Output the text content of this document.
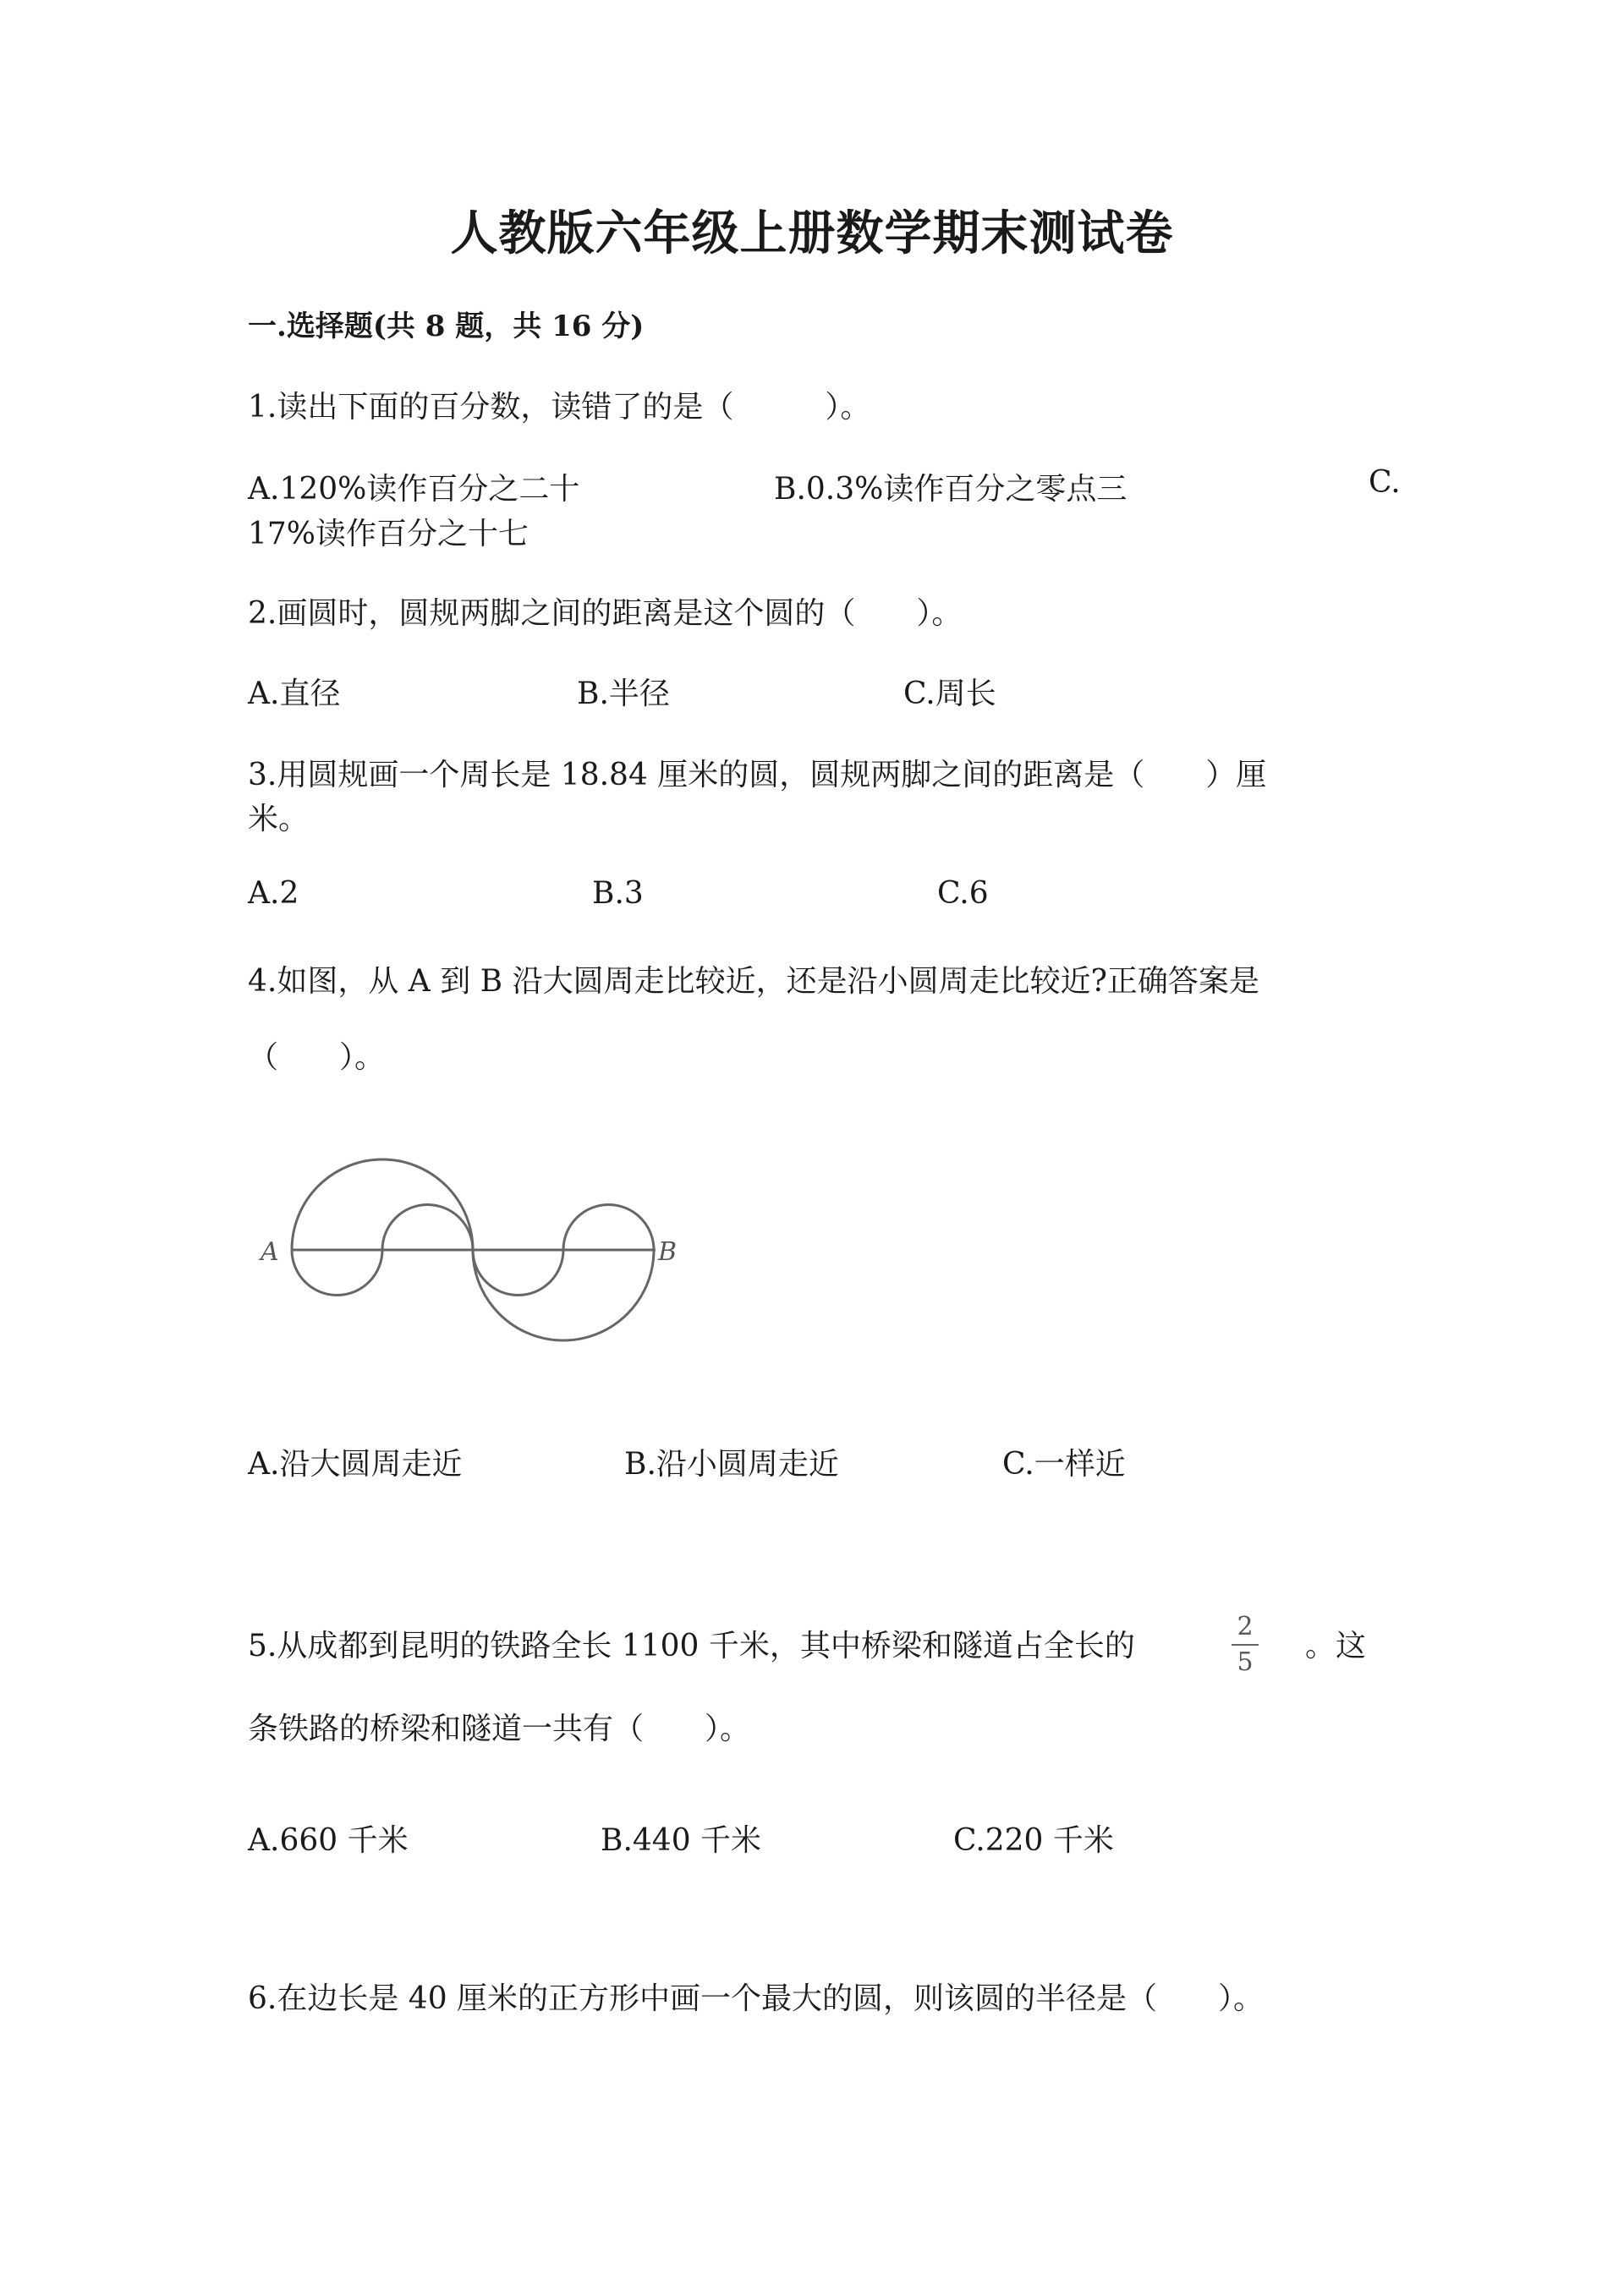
人教版六年级上册数学期末测试卷
一.选择题(共 8 题，共 16 分)
1.读出下面的百分数，读错了的是（　　　）。
A.120%读作百分之二十	B.0.3%读作百分之零点三	C.
17%读作百分之十七
2.画圆时，圆规两脚之间的距离是这个圆的（　　）。
A.直径	B.半径	C.周长
3.用圆规画一个周长是 18.84 厘米的圆，圆规两脚之间的距离是（　　）厘
米。
A.2	B.3	C.6
4.如图，从 A 到 B 沿大圆周走比较近，还是沿小圆周走比较近?正确答案是
（　　）。
A	B
A.沿大圆周走近	B.沿小圆周走近	C.一样近
5.从成都到昆明的铁路全长 1100 千米，其中桥梁和隧道占全长的
2
5 。这
条铁路的桥梁和隧道一共有（　　）。
A.660 千米	B.440 千米	C.220 千米
6.在边长是 40 厘米的正方形中画一个最大的圆，则该圆的半径是（　　）。
